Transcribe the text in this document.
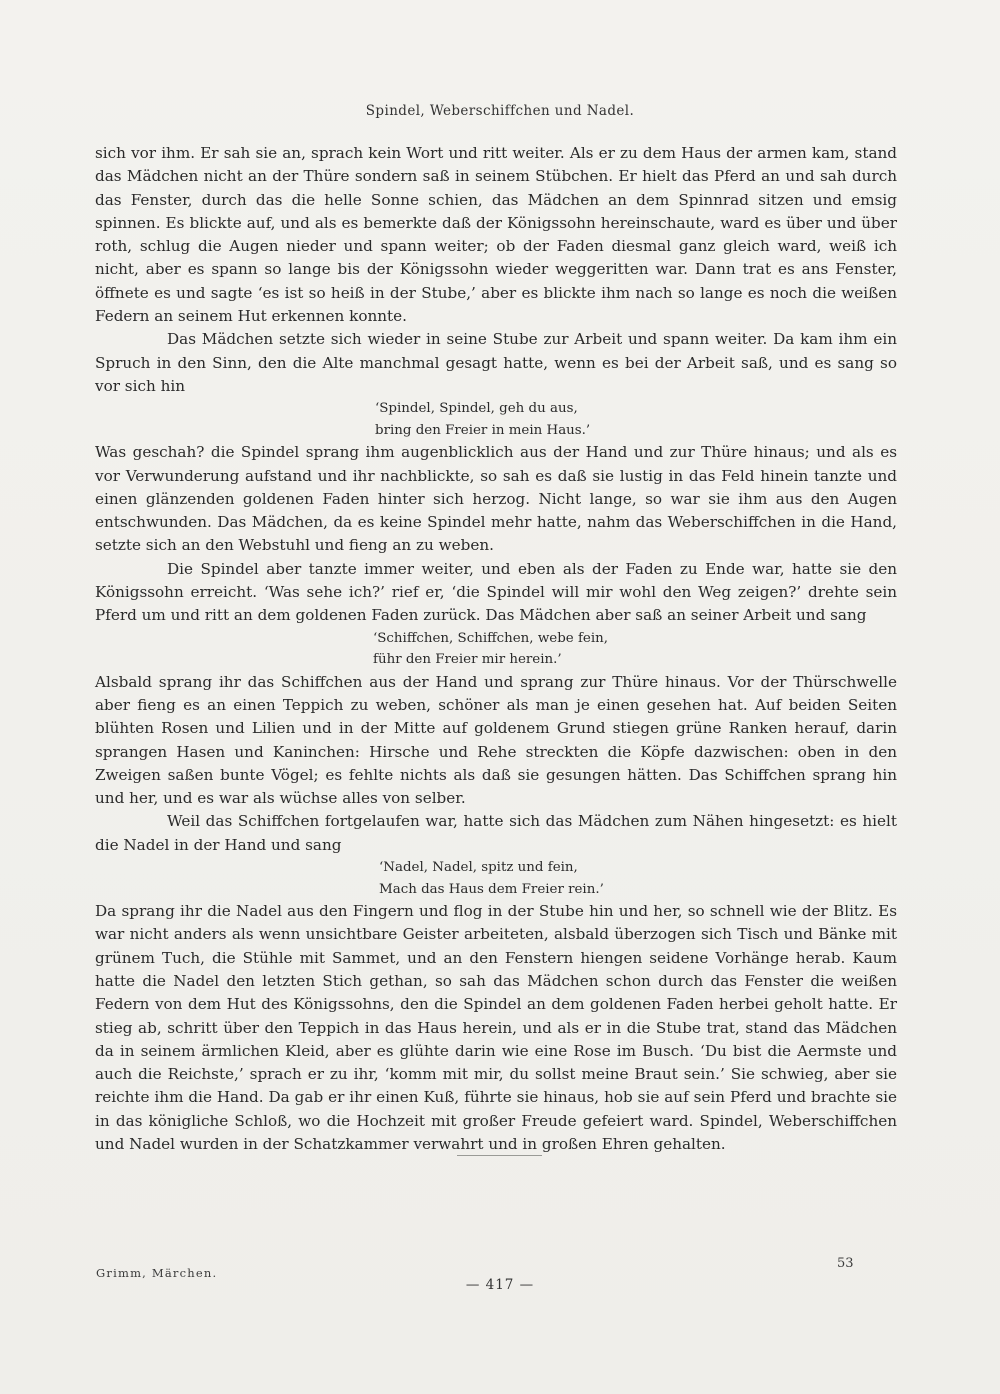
Spindel, Weberschiffchen und Nadel.

sich vor ihm. Er sah sie an, sprach kein Wort und ritt weiter. Als er zu dem Haus der armen kam, stand das Mädchen nicht an der Thüre sondern saß in seinem Stübchen. Er hielt das Pferd an und sah durch das Fenster, durch das die helle Sonne schien, das Mädchen an dem Spinnrad sitzen und emsig spinnen. Es blickte auf, und als es bemerkte daß der Königssohn hereinschaute, ward es über und über roth, schlug die Augen nieder und spann weiter; ob der Faden diesmal ganz gleich ward, weiß ich nicht, aber es spann so lange bis der Königssohn wieder weggeritten war. Dann trat es ans Fenster, öffnete es und sagte ‘es ist so heiß in der Stube,’ aber es blickte ihm nach so lange es noch die weißen Federn an seinem Hut erkennen konnte.

Das Mädchen setzte sich wieder in seine Stube zur Arbeit und spann weiter. Da kam ihm ein Spruch in den Sinn, den die Alte manchmal gesagt hatte, wenn es bei der Arbeit saß, und es sang so vor sich hin

‘Spindel, Spindel, geh du aus,
bring den Freier in mein Haus.’

Was geschah? die Spindel sprang ihm augenblicklich aus der Hand und zur Thüre hinaus; und als es vor Verwunderung aufstand und ihr nachblickte, so sah es daß sie lustig in das Feld hinein tanzte und einen glänzenden goldenen Faden hinter sich herzog. Nicht lange, so war sie ihm aus den Augen entschwunden. Das Mädchen, da es keine Spindel mehr hatte, nahm das Weberschiffchen in die Hand, setzte sich an den Webstuhl und fieng an zu weben.

Die Spindel aber tanzte immer weiter, und eben als der Faden zu Ende war, hatte sie den Königssohn erreicht. ‘Was sehe ich?’ rief er, ‘die Spindel will mir wohl den Weg zeigen?’ drehte sein Pferd um und ritt an dem goldenen Faden zurück. Das Mädchen aber saß an seiner Arbeit und sang

‘Schiffchen, Schiffchen, webe fein,
führ den Freier mir herein.’

Alsbald sprang ihr das Schiffchen aus der Hand und sprang zur Thüre hinaus. Vor der Thürschwelle aber fieng es an einen Teppich zu weben, schöner als man je einen gesehen hat. Auf beiden Seiten blühten Rosen und Lilien und in der Mitte auf goldenem Grund stiegen grüne Ranken herauf, darin sprangen Hasen und Kaninchen: Hirsche und Rehe streckten die Köpfe dazwischen: oben in den Zweigen saßen bunte Vögel; es fehlte nichts als daß sie gesungen hätten. Das Schiffchen sprang hin und her, und es war als wüchse alles von selber.

Weil das Schiffchen fortgelaufen war, hatte sich das Mädchen zum Nähen hingesetzt: es hielt die Nadel in der Hand und sang

‘Nadel, Nadel, spitz und fein,
Mach das Haus dem Freier rein.’

Da sprang ihr die Nadel aus den Fingern und flog in der Stube hin und her, so schnell wie der Blitz. Es war nicht anders als wenn unsichtbare Geister arbeiteten, alsbald überzogen sich Tisch und Bänke mit grünem Tuch, die Stühle mit Sammet, und an den Fenstern hiengen seidene Vorhänge herab. Kaum hatte die Nadel den letzten Stich gethan, so sah das Mädchen schon durch das Fenster die weißen Federn von dem Hut des Königssohns, den die Spindel an dem goldenen Faden herbei geholt hatte. Er stieg ab, schritt über den Teppich in das Haus herein, und als er in die Stube trat, stand das Mädchen da in seinem ärmlichen Kleid, aber es glühte darin wie eine Rose im Busch. ‘Du bist die Aermste und auch die Reichste,’ sprach er zu ihr, ‘komm mit mir, du sollst meine Braut sein.’ Sie schwieg, aber sie reichte ihm die Hand. Da gab er ihr einen Kuß, führte sie hinaus, hob sie auf sein Pferd und brachte sie in das königliche Schloß, wo die Hochzeit mit großer Freude gefeiert ward. Spindel, Weberschiffchen und Nadel wurden in der Schatzkammer verwahrt und in großen Ehren gehalten.

Grimm, Märchen.
53
— 417 —
